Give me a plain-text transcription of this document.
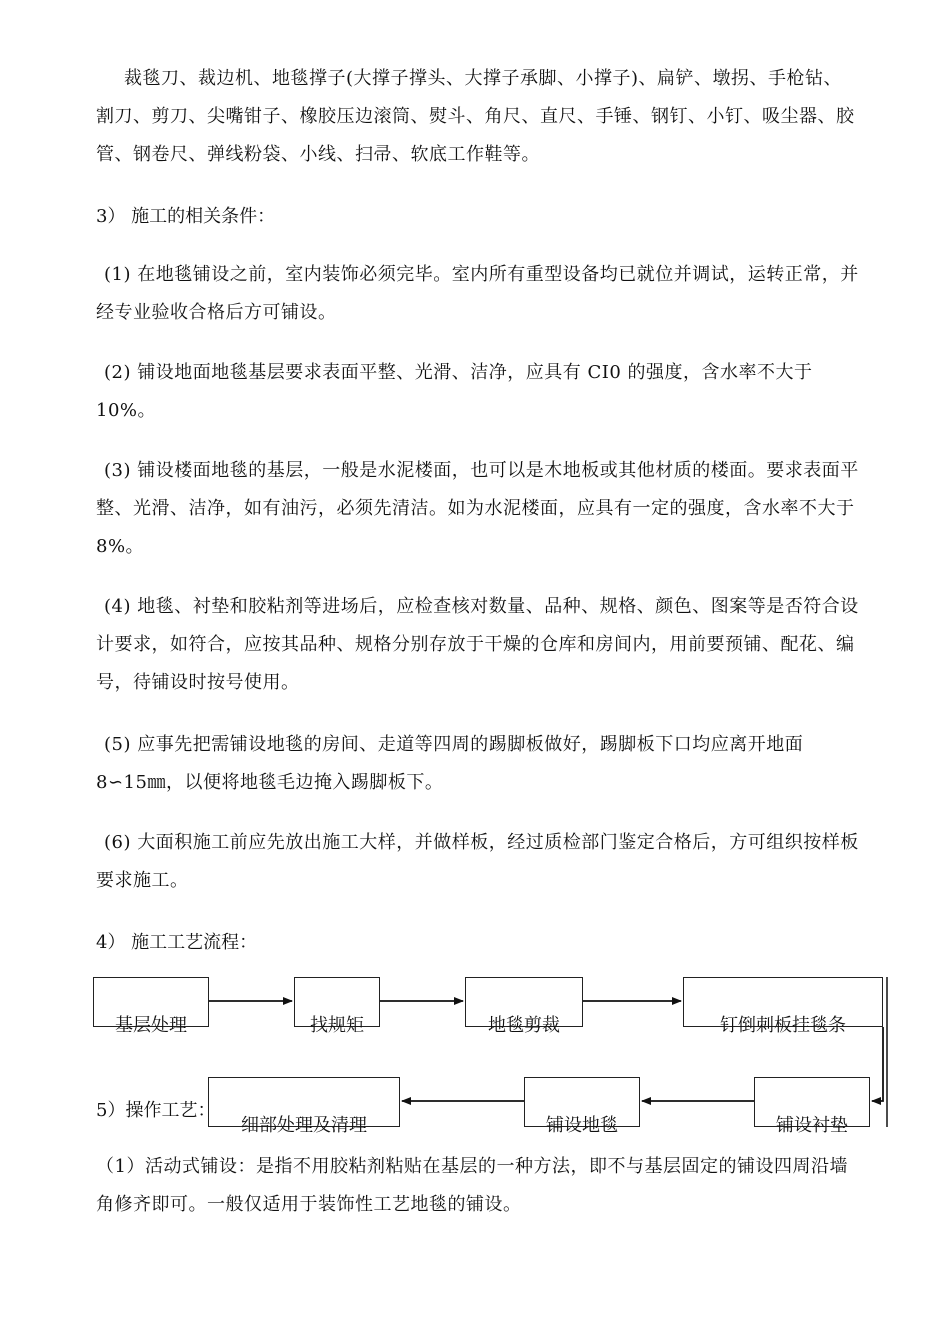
裁毯刀、裁边机、地毯撑子(大撑子撑头、大撑子承脚、小撑子)、扁铲、墩拐、手枪钻、割刀、剪刀、尖嘴钳子、橡胶压边滚筒、熨斗、角尺、直尺、手锤、钢钉、小钉、吸尘器、胶管、钢卷尺、弹线粉袋、小线、扫帚、软底工作鞋等。

3） 施工的相关条件：

(1) 在地毯铺设之前，室内装饰必须完毕。室内所有重型设备均已就位并调试，运转正常，并经专业验收合格后方可铺设。

(2) 铺设地面地毯基层要求表面平整、光滑、洁净，应具有 CI0 的强度，含水率不大于 10%。

(3) 铺设楼面地毯的基层，一般是水泥楼面，也可以是木地板或其他材质的楼面。要求表面平整、光滑、洁净，如有油污，必须先清洁。如为水泥楼面，应具有一定的强度，含水率不大于 8%。

(4) 地毯、衬垫和胶粘剂等进场后，应检查核对数量、品种、规格、颜色、图案等是否符合设计要求，如符合，应按其品种、规格分别存放于干燥的仓库和房间内，用前要预铺、配花、编号，待铺设时按号使用。

(5) 应事先把需铺设地毯的房间、走道等四周的踢脚板做好，踢脚板下口均应离开地面 8∽15㎜，以便将地毯毛边掩入踢脚板下。

(6) 大面积施工前应先放出施工大样，并做样板，经过质检部门鉴定合格后，方可组织按样板要求施工。

4） 施工工艺流程：

基层处理	找规矩	地毯剪裁	钉倒刺板挂毯条
细部处理及清理	铺设地毯	铺设衬垫

5）操作工艺：

（1）活动式铺设：是指不用胶粘剂粘贴在基层的一种方法，即不与基层固定的铺设四周沿墙角修齐即可。一般仅适用于装饰性工艺地毯的铺设。
